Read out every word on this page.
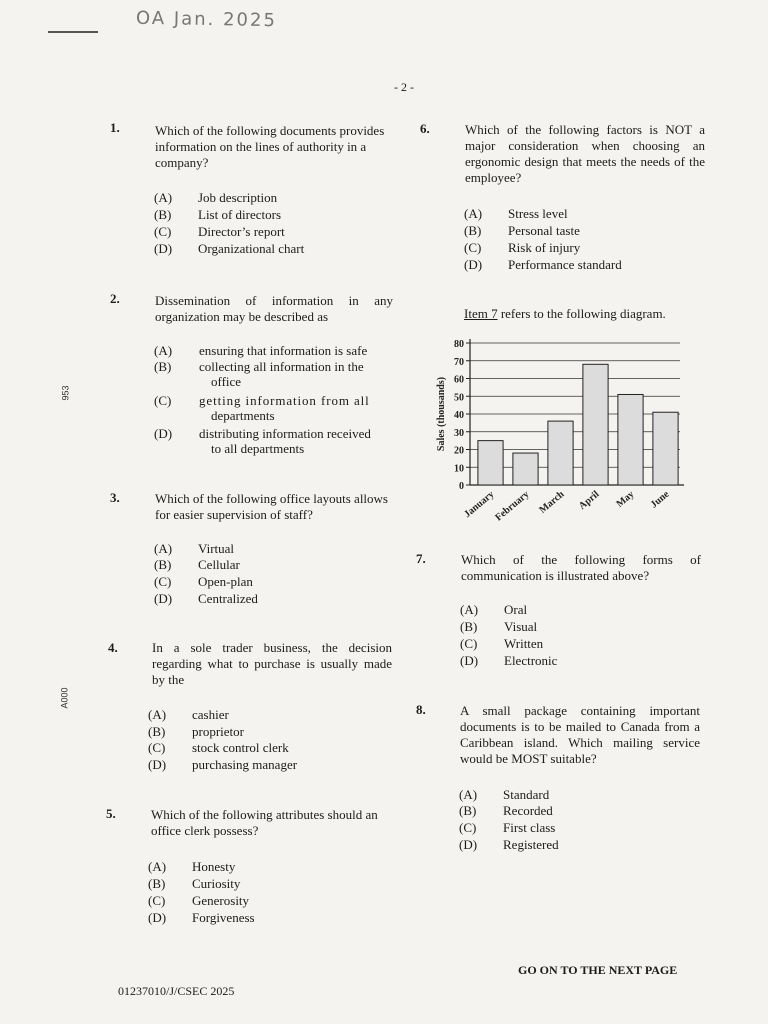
OA Jan. 2025
- 2 -
953
A000
1.	Which of the following documents provides information on the lines of authority in a company?
(A) Job description
(B) List of directors
(C) Director’s report
(D) Organizational chart
2.	Dissemination of information in any organization may be described as
(A) ensuring that information is safe
(B) collecting all information in the
office
(C) getting information from all
departments
(D) distributing information received
to all departments
3.	Which of the following office layouts allows for easier supervision of staff?
(A) Virtual
(B) Cellular
(C) Open-plan
(D) Centralized
4.	In a sole trader business, the decision regarding what to purchase is usually made by the
(A) cashier
(B) proprietor
(C) stock control clerk
(D) purchasing manager
5.	Which of the following attributes should an office clerk possess?
(A) Honesty
(B) Curiosity
(C) Generosity
(D) Forgiveness
6.	Which of the following factors is NOT a major consideration when choosing an ergonomic design that meets the needs of the employee?
(A) Stress level
(B) Personal taste
(C) Risk of injury
(D) Performance standard
Item 7 refers to the following diagram.
0
10
20
30
40
50
60
70
80
Sales (thousands)
January
February March April May June
7.	Which of the following forms of communication is illustrated above?
(A) Oral
(B) Visual
(C) Written
(D) Electronic
8.	A small package containing important documents is to be mailed to Canada from a Caribbean island. Which mailing service would be MOST suitable?
(A) Standard
(B) Recorded
(C) First class
(D) Registered
GO ON TO THE NEXT PAGE
01237010/J/CSEC 2025
